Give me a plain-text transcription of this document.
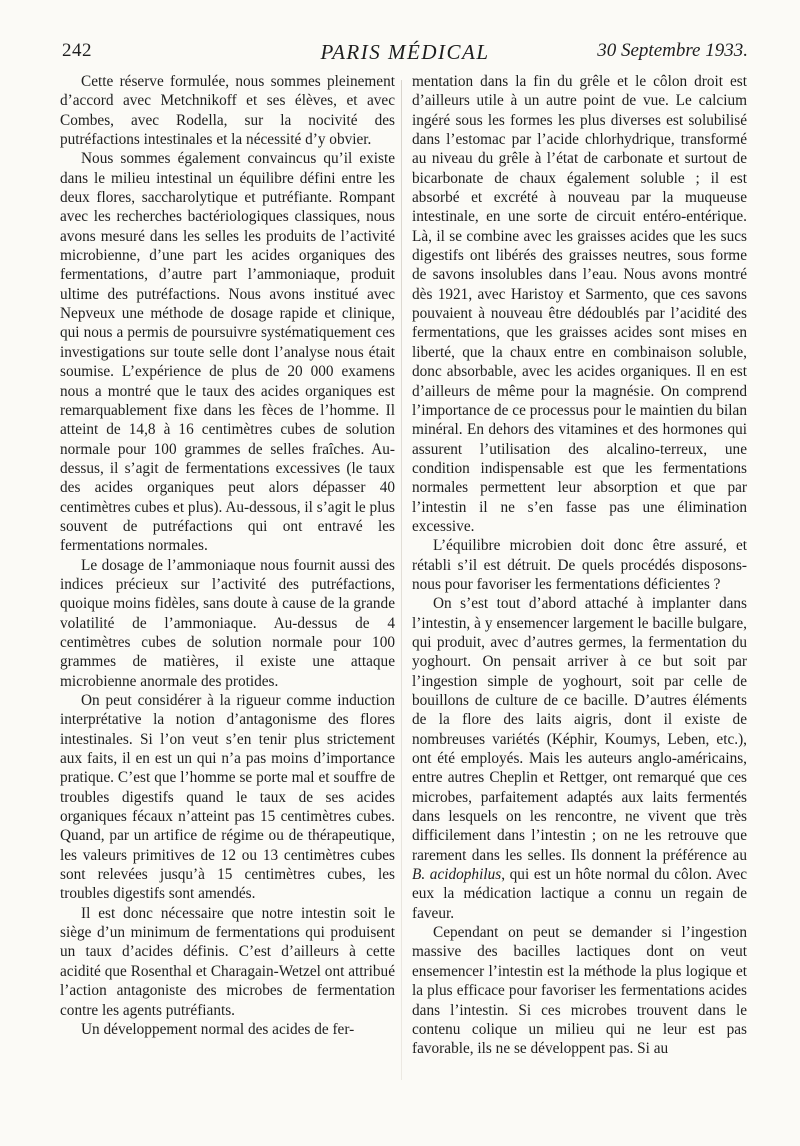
242	PARIS MÉDICAL	30 Septembre 1933.

Cette réserve formulée, nous sommes pleinement d’accord avec Metchnikoff et ses élèves, et avec Combes, avec Rodella, sur la nocivité des putréfactions intestinales et la nécessité d’y obvier.

Nous sommes également convaincus qu’il existe dans le milieu intestinal un équilibre défini entre les deux flores, saccharolytique et putréfiante. Rompant avec les recherches bactériologiques classiques, nous avons mesuré dans les selles les produits de l’activité microbienne, d’une part les acides organiques des fermentations, d’autre part l’ammoniaque, produit ultime des putréfactions. Nous avons institué avec Nepveux une méthode de dosage rapide et clinique, qui nous a permis de poursuivre systématiquement ces investigations sur toute selle dont l’analyse nous était soumise. L’expérience de plus de 20 000 examens nous a montré que le taux des acides organiques est remarquablement fixe dans les fèces de l’homme. Il atteint de 14,8 à 16 centimètres cubes de solution normale pour 100 grammes de selles fraîches. Au-dessus, il s’agit de fermentations excessives (le taux des acides organiques peut alors dépasser 40 centimètres cubes et plus). Au-dessous, il s’agit le plus souvent de putréfactions qui ont entravé les fermentations normales.

Le dosage de l’ammoniaque nous fournit aussi des indices précieux sur l’activité des putréfactions, quoique moins fidèles, sans doute à cause de la grande volatilité de l’ammoniaque. Au-dessus de 4 centimètres cubes de solution normale pour 100 grammes de matières, il existe une attaque microbienne anormale des protides.

On peut considérer à la rigueur comme induction interprétative la notion d’antagonisme des flores intestinales. Si l’on veut s’en tenir plus strictement aux faits, il en est un qui n’a pas moins d’importance pratique. C’est que l’homme se porte mal et souffre de troubles digestifs quand le taux de ses acides organiques fécaux n’atteint pas 15 centimètres cubes. Quand, par un artifice de régime ou de thérapeutique, les valeurs primitives de 12 ou 13 centimètres cubes sont relevées jusqu’à 15 centimètres cubes, les troubles digestifs sont amendés.

Il est donc nécessaire que notre intestin soit le siège d’un minimum de fermentations qui produisent un taux d’acides définis. C’est d’ailleurs à cette acidité que Rosenthal et Charagain-Wetzel ont attribué l’action antagoniste des microbes de fermentation contre les agents putréfiants.

Un développement normal des acides de fer-

mentation dans la fin du grêle et le côlon droit est d’ailleurs utile à un autre point de vue. Le calcium ingéré sous les formes les plus diverses est solubilisé dans l’estomac par l’acide chlorhydrique, transformé au niveau du grêle à l’état de carbonate et surtout de bicarbonate de chaux également soluble ; il est absorbé et excrété à nouveau par la muqueuse intestinale, en une sorte de circuit entéro-entérique. Là, il se combine avec les graisses acides que les sucs digestifs ont libérés des graisses neutres, sous forme de savons insolubles dans l’eau. Nous avons montré dès 1921, avec Haristoy et Sarmento, que ces savons pouvaient à nouveau être dédoublés par l’acidité des fermentations, que les graisses acides sont mises en liberté, que la chaux entre en combinaison soluble, donc absorbable, avec les acides organiques. Il en est d’ailleurs de même pour la magnésie. On comprend l’importance de ce processus pour le maintien du bilan minéral. En dehors des vitamines et des hormones qui assurent l’utilisation des alcalino-terreux, une condition indispensable est que les fermentations normales permettent leur absorption et que par l’intestin il ne s’en fasse pas une élimination excessive.

L’équilibre microbien doit donc être assuré, et rétabli s’il est détruit. De quels procédés disposons-nous pour favoriser les fermentations déficientes ?

On s’est tout d’abord attaché à implanter dans l’intestin, à y ensemencer largement le bacille bulgare, qui produit, avec d’autres germes, la fermentation du yoghourt. On pensait arriver à ce but soit par l’ingestion simple de yoghourt, soit par celle de bouillons de culture de ce bacille. D’autres éléments de la flore des laits aigris, dont il existe de nombreuses variétés (Képhir, Koumys, Leben, etc.), ont été employés. Mais les auteurs anglo-américains, entre autres Cheplin et Rettger, ont remarqué que ces microbes, parfaitement adaptés aux laits fermentés dans lesquels on les rencontre, ne vivent que très difficilement dans l’intestin ; on ne les retrouve que rarement dans les selles. Ils donnent la préférence au B. acidophilus, qui est un hôte normal du côlon. Avec eux la médication lactique a connu un regain de faveur.

Cependant on peut se demander si l’ingestion massive des bacilles lactiques dont on veut ensemencer l’intestin est la méthode la plus logique et la plus efficace pour favoriser les fermentations acides dans l’intestin. Si ces microbes trouvent dans le contenu colique un milieu qui ne leur est pas favorable, ils ne se développent pas. Si au
